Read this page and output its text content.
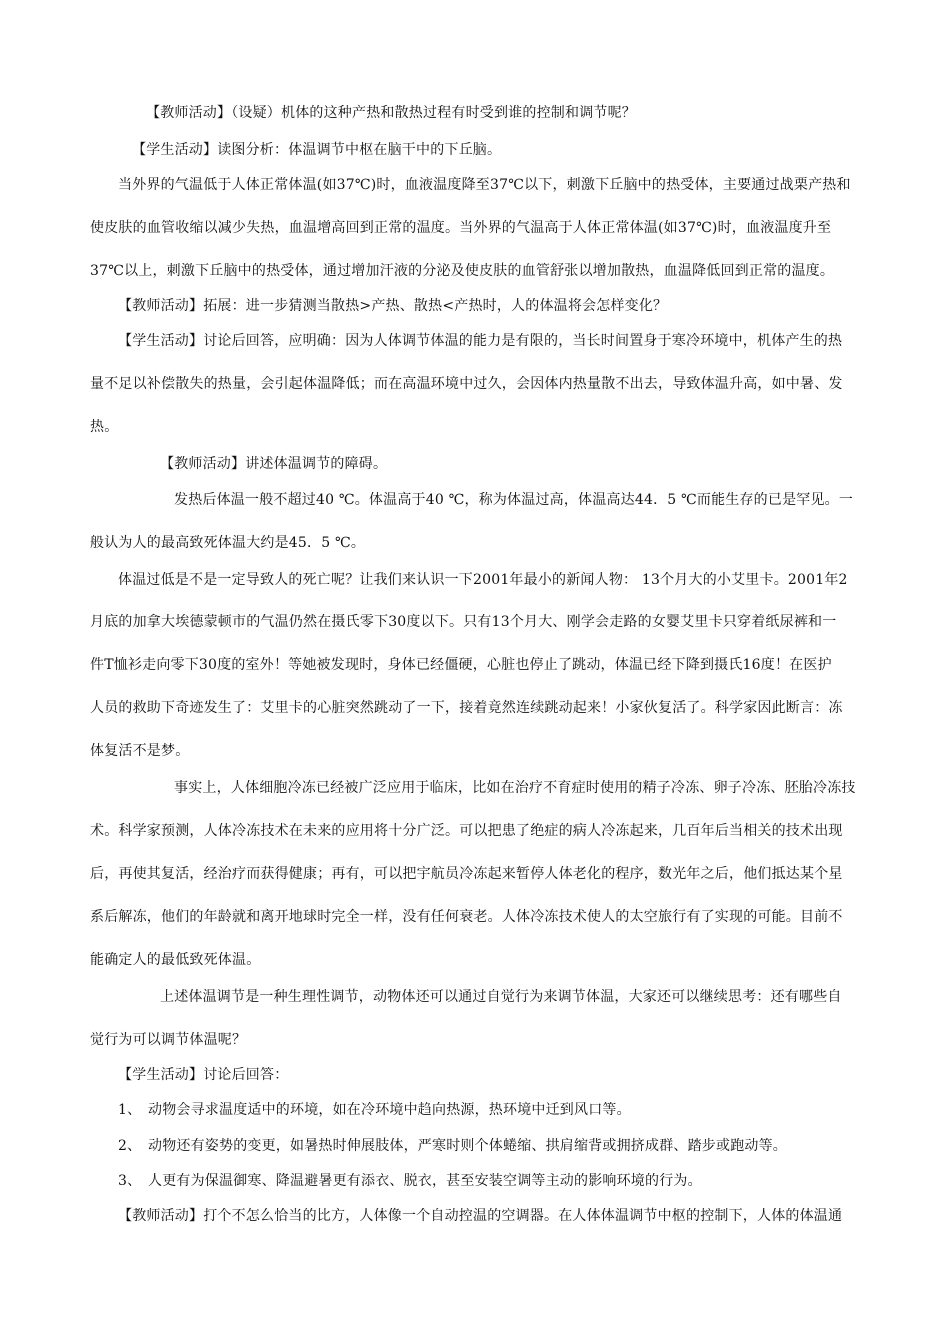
【教师活动】（设疑）机体的这种产热和散热过程有时受到谁的控制和调节呢？
【学生活动】读图分析：体温调节中枢在脑干中的下丘脑。
当外界的气温低于人体正常体温(如37℃)时，血液温度降至37℃以下，刺激下丘脑中的热受体，主要通过战栗产热和
使皮肤的血管收缩以减少失热，血温增高回到正常的温度。当外界的气温高于人体正常体温(如37℃)时，血液温度升至
37℃以上，刺激下丘脑中的热受体，通过增加汗液的分泌及使皮肤的血管舒张以增加散热，血温降低回到正常的温度。
【教师活动】拓展：进一步猜测当散热>产热、散热<产热时，人的体温将会怎样变化？
【学生活动】讨论后回答，应明确：因为人体调节体温的能力是有限的，当长时间置身于寒冷环境中，机体产生的热
量不足以补偿散失的热量，会引起体温降低；而在高温环境中过久，会因体内热量散不出去，导致体温升高，如中暑、发
热。
【教师活动】讲述体温调节的障碍。
发热后体温一般不超过40 ℃。体温高于40 ℃，称为体温过高，体温高达44．5 ℃而能生存的已是罕见。一
般认为人的最高致死体温大约是45．5 ℃。
体温过低是不是一定导致人的死亡呢？让我们来认识一下2001年最小的新闻人物： 13个月大的小艾里卡。2001年2
月底的加拿大埃德蒙顿市的气温仍然在摄氏零下30度以下。只有13个月大、刚学会走路的女婴艾里卡只穿着纸尿裤和一
件T恤衫走向零下30度的室外！等她被发现时，身体已经僵硬，心脏也停止了跳动，体温已经下降到摄氏16度！在医护
人员的救助下奇迹发生了：艾里卡的心脏突然跳动了一下，接着竟然连续跳动起来！小家伙复活了。科学家因此断言：冻
体复活不是梦。
事实上，人体细胞冷冻已经被广泛应用于临床，比如在治疗不育症时使用的精子冷冻、卵子冷冻、胚胎冷冻技
术。科学家预测，人体冷冻技术在未来的应用将十分广泛。可以把患了绝症的病人冷冻起来，几百年后当相关的技术出现
后，再使其复活，经治疗而获得健康；再有，可以把宇航员冷冻起来暂停人体老化的程序，数光年之后，他们抵达某个星
系后解冻，他们的年龄就和离开地球时完全一样，没有任何衰老。人体冷冻技术使人的太空旅行有了实现的可能。目前不
能确定人的最低致死体温。
上述体温调节是一种生理性调节，动物体还可以通过自觉行为来调节体温，大家还可以继续思考：还有哪些自
觉行为可以调节体温呢？
【学生活动】讨论后回答：
1、 动物会寻求温度适中的环境，如在冷环境中趋向热源，热环境中迁到风口等。
2、 动物还有姿势的变更，如暑热时伸展肢体，严寒时则个体蜷缩、拱肩缩背或拥挤成群、踏步或跑动等。
3、 人更有为保温御寒、降温避暑更有添衣、脱衣，甚至安装空调等主动的影响环境的行为。
【教师活动】打个不怎么恰当的比方，人体像一个自动控温的空调器。在人体体温调节中枢的控制下，人体的体温通
